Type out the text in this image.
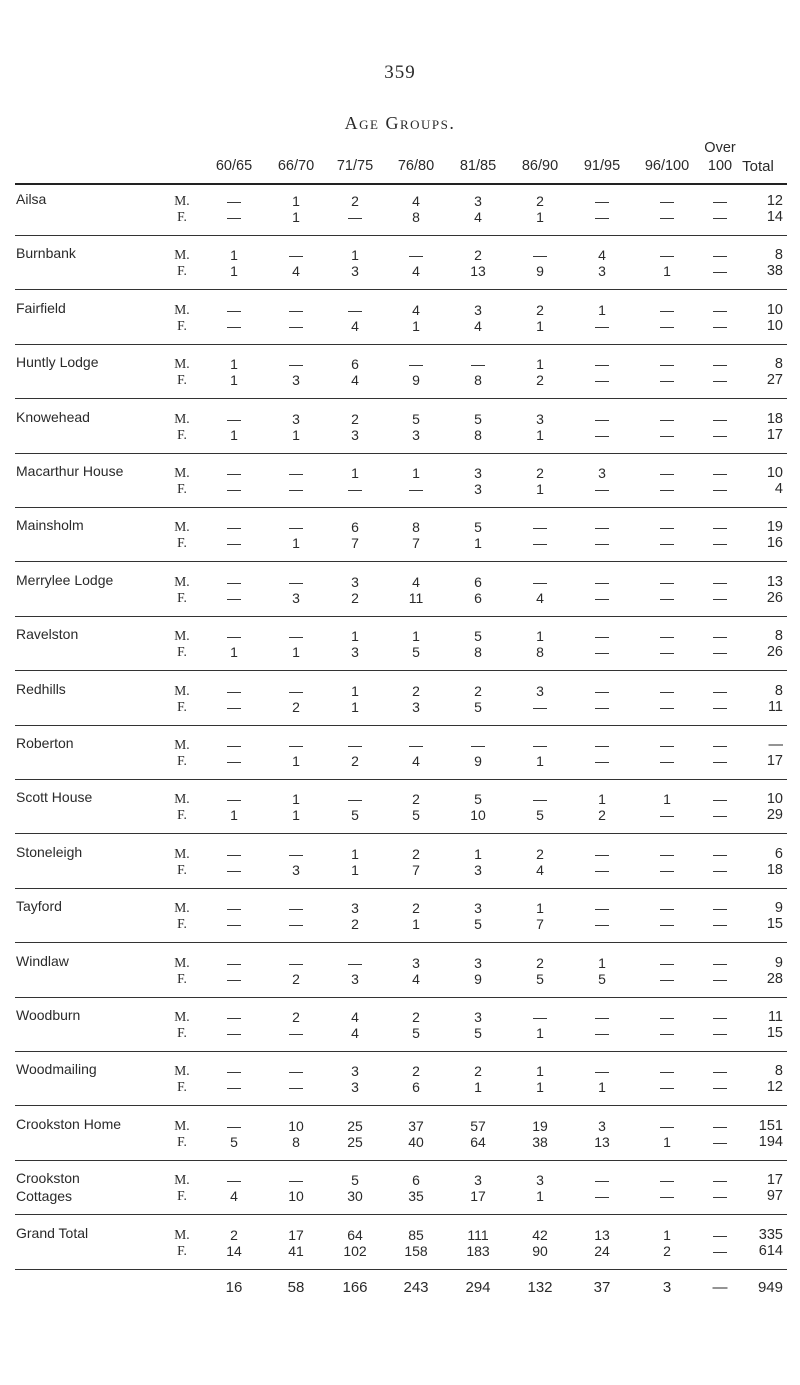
359
Age Groups.
Over
60/65	66/70	71/75	76/80	81/85	86/90	91/95	96/100	100 Total
Ailsa	M.	—	1	2	4	3	2	—	—	—	12
F.	—	1	—	8	4	1	—	—	—	14
Burnbank	M.	1	—	1	—	2	—	4	—	—	8
F.	1	4	3	4	13	9	3	1	—	38
Fairfield	M.	—	—	—	4	3	2	1	—	—	10
F.	—	—	4	1	4	1	—	—	—	10
Huntly Lodge	M.	1	—	6	—	—	1	—	—	—	8
F.	1	3	4	9	8	2	—	—	—	27
Knowehead	M.	—	3	2	5	5	3	—	—	—	18
F.	1	1	3	3	8	1	—	—	—	17
Macarthur House	M.	—	—	1	1	3	2	3	—	—	10
F.	—	—	—	—	3	1	—	—	—	4
Mainsholm	M.	—	—	6	8	5	—	—	—	—	19
F.	—	1	7	7	1	—	—	—	—	16
Merrylee Lodge	M.	—	—	3	4	6	—	—	—	—	13
F.	—	3	2	11	6	4	—	—	—	26
Ravelston	M.	—	—	1	1	5	1	—	—	—	8
F.	1	1	3	5	8	8	—	—	—	26
Redhills	M.	—	—	1	2	2	3	—	—	—	8
F.	—	2	1	3	5	—	—	—	—	11
Roberton	M.	—	—	—	—	—	—	—	—	—	—
F.	—	1	2	4	9	1	—	—	—	17
Scott House	M.	—	1	—	2	5	—	1	1	—	10
F.	1	1	5	5	10	5	2	—	—	29
Stoneleigh	M.	—	—	1	2	1	2	—	—	—	6
F.	—	3	1	7	3	4	—	—	—	18
Tayford	M.	—	—	3	2	3	1	—	—	—	9
F.	—	—	2	1	5	7	—	—	—	15
Windlaw	M.	—	—	—	3	3	2	1	—	—	9
F.	—	2	3	4	9	5	5	—	—	28
Woodburn	M.	—	2	4	2	3	—	—	—	—	11
F.	—	—	4	5	5	1	—	—	—	15
Woodmailing	M.	—	—	3	2	2	1	—	—	—	8
F.	—	—	3	6	1	1	1	—	—	12
Crookston Home	M.	—	10	25	37	57	19	3	—	— 151
F.	5	8	25	40	64	38	13	1	— 194
Crookston
Cottages
M.	—	—	5	6	3	3	—	—	—	17
F.	4	10	30	35	17	1	—	—	—	97
Grand Total	M.	2	17	64	85	111	42	13	1	— 335
F.	14	41	102	158	183	90	24	2	— 614
16	58	166 243 294 132	37	3	— 949
